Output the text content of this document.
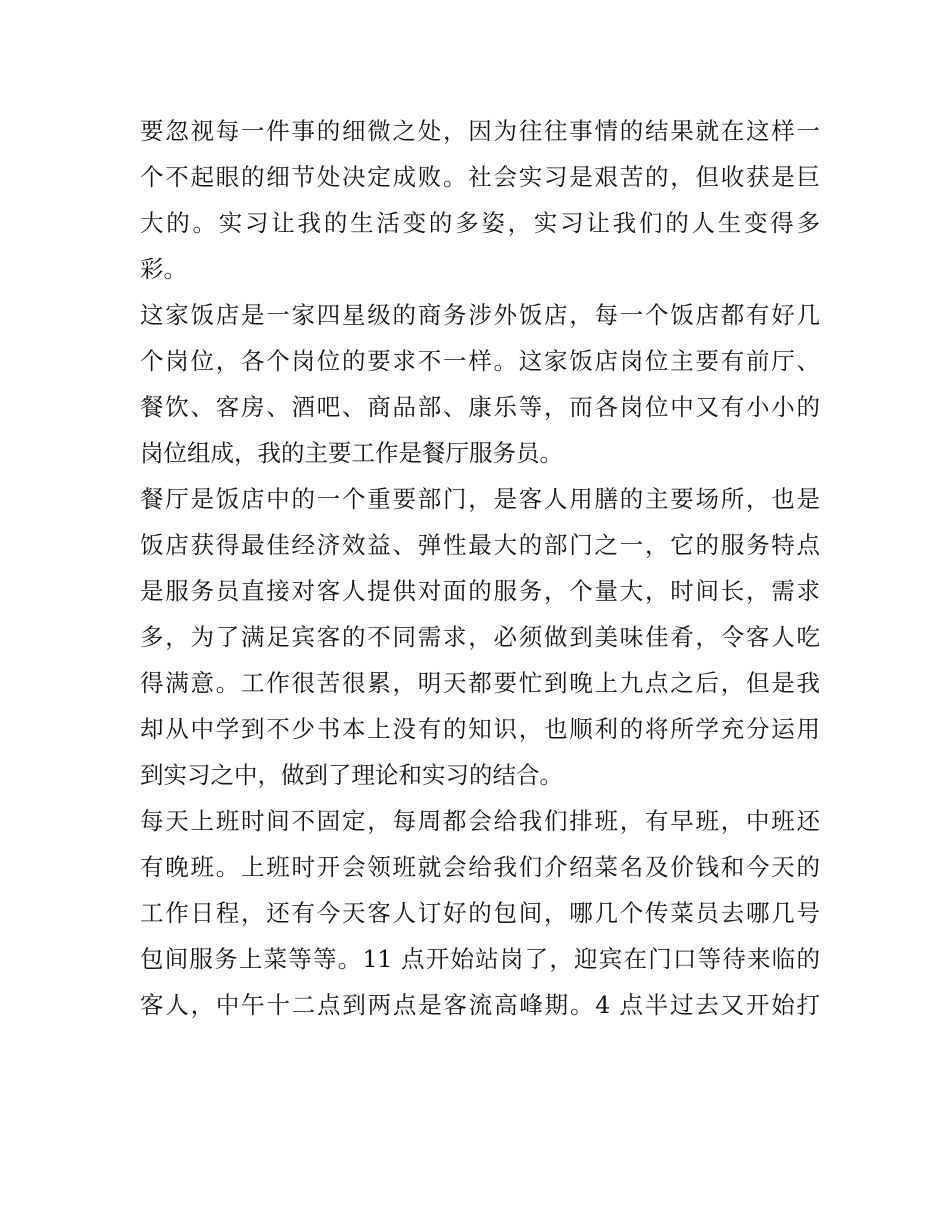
要忽视每一件事的细微之处，因为往往事情的结果就在这样一
个不起眼的细节处决定成败。社会实习是艰苦的，但收获是巨
大的。实习让我的生活变的多姿，实习让我们的人生变得多
彩。
这家饭店是一家四星级的商务涉外饭店，每一个饭店都有好几
个岗位，各个岗位的要求不一样。这家饭店岗位主要有前厅、
餐饮、客房、酒吧、商品部、康乐等，而各岗位中又有小小的
岗位组成，我的主要工作是餐厅服务员。
餐厅是饭店中的一个重要部门，是客人用膳的主要场所，也是
饭店获得最佳经济效益、弹性最大的部门之一，它的服务特点
是服务员直接对客人提供对面的服务，个量大，时间长，需求
多，为了满足宾客的不同需求，必须做到美味佳肴，令客人吃
得满意。工作很苦很累，明天都要忙到晚上九点之后，但是我
却从中学到不少书本上没有的知识，也顺利的将所学充分运用
到实习之中，做到了理论和实习的结合。
每天上班时间不固定，每周都会给我们排班，有早班，中班还
有晚班。上班时开会领班就会给我们介绍菜名及价钱和今天的
工作日程，还有今天客人订好的包间，哪几个传菜员去哪几号
包间服务上菜等等。11 点开始站岗了，迎宾在门口等待来临的
客人，中午十二点到两点是客流高峰期。4 点半过去又开始打
